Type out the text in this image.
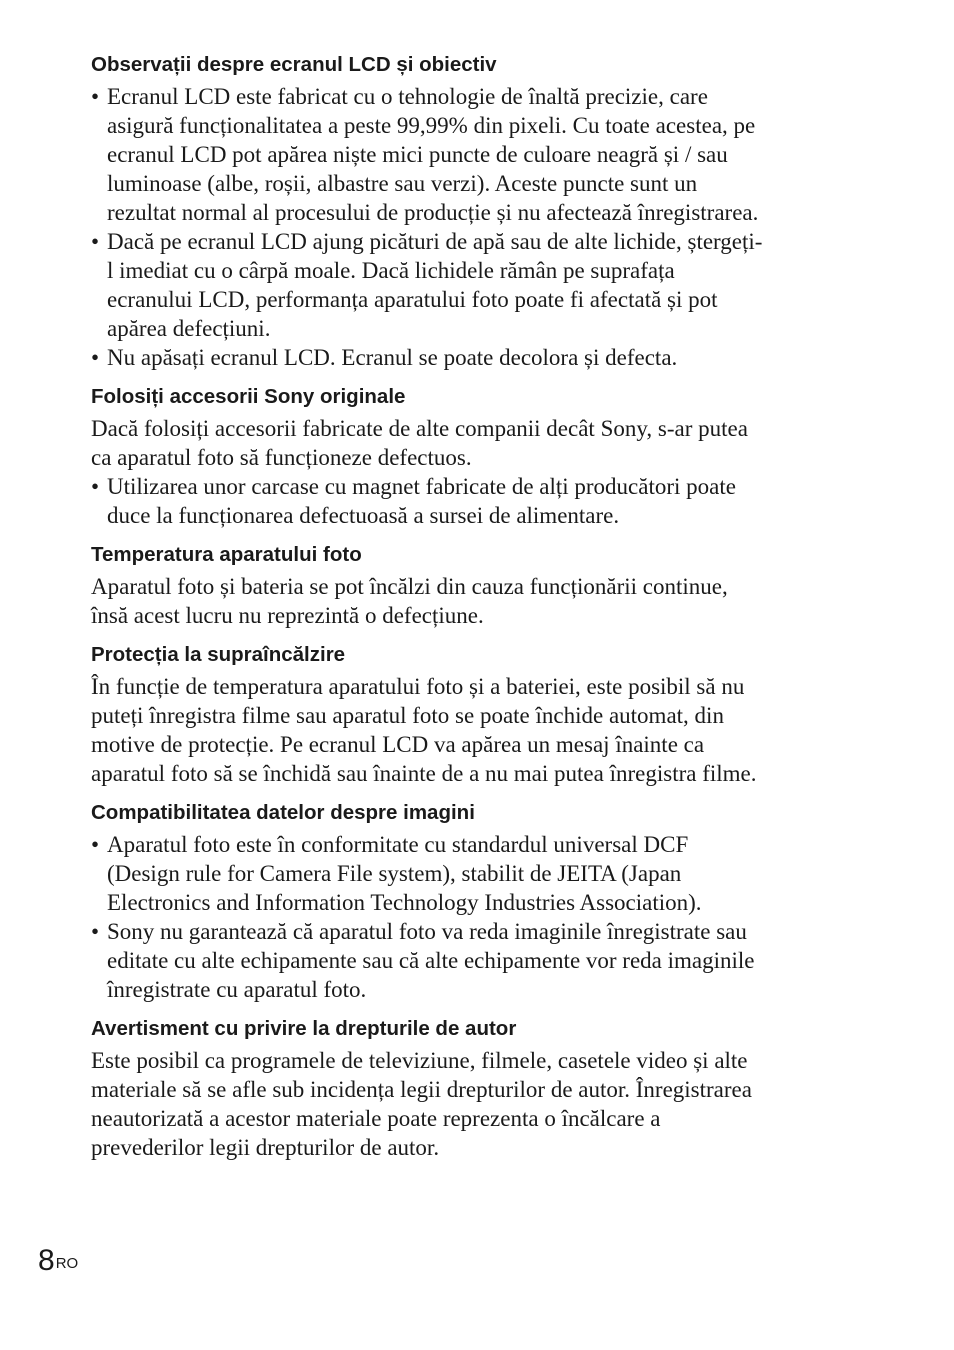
Observații despre ecranul LCD și obiectiv
• Ecranul LCD este fabricat cu o tehnologie de înaltă precizie, care
asigură funcționalitatea a peste 99,99% din pixeli. Cu toate acestea, pe
ecranul LCD pot apărea niște mici puncte de culoare neagră și / sau
luminoase (albe, roșii, albastre sau verzi). Aceste puncte sunt un
rezultat normal al procesului de producție și nu afectează înregistrarea.
• Dacă pe ecranul LCD ajung picături de apă sau de alte lichide, ștergeți-
l imediat cu o cârpă moale. Dacă lichidele rămân pe suprafața
ecranului LCD, performanța aparatului foto poate fi afectată și pot
apărea defecțiuni.
• Nu apăsați ecranul LCD. Ecranul se poate decolora și defecta.
Folosiți accesorii Sony originale
Dacă folosiți accesorii fabricate de alte companii decât Sony, s-ar putea
ca aparatul foto să funcționeze defectuos.
• Utilizarea unor carcase cu magnet fabricate de alți producători poate
duce la funcționarea defectuoasă a sursei de alimentare.
Temperatura aparatului foto
Aparatul foto și bateria se pot încălzi din cauza funcționării continue,
însă acest lucru nu reprezintă o defecțiune.
Protecția la supraîncălzire
În funcție de temperatura aparatului foto și a bateriei, este posibil să nu
puteți înregistra filme sau aparatul foto se poate închide automat, din
motive de protecție. Pe ecranul LCD va apărea un mesaj înainte ca
aparatul foto să se închidă sau înainte de a nu mai putea înregistra filme.
Compatibilitatea datelor despre imagini
• Aparatul foto este în conformitate cu standardul universal DCF
(Design rule for Camera File system), stabilit de JEITA (Japan
Electronics and Information Technology Industries Association).
• Sony nu garantează că aparatul foto va reda imaginile înregistrate sau
editate cu alte echipamente sau că alte echipamente vor reda imaginile
înregistrate cu aparatul foto.
Avertisment cu privire la drepturile de autor
Este posibil ca programele de televiziune, filmele, casetele video și alte
materiale să se afle sub incidența legii drepturilor de autor. Înregistrarea
neautorizată a acestor materiale poate reprezenta o încălcare a
prevederilor legii drepturilor de autor.
$8^{RO}$
